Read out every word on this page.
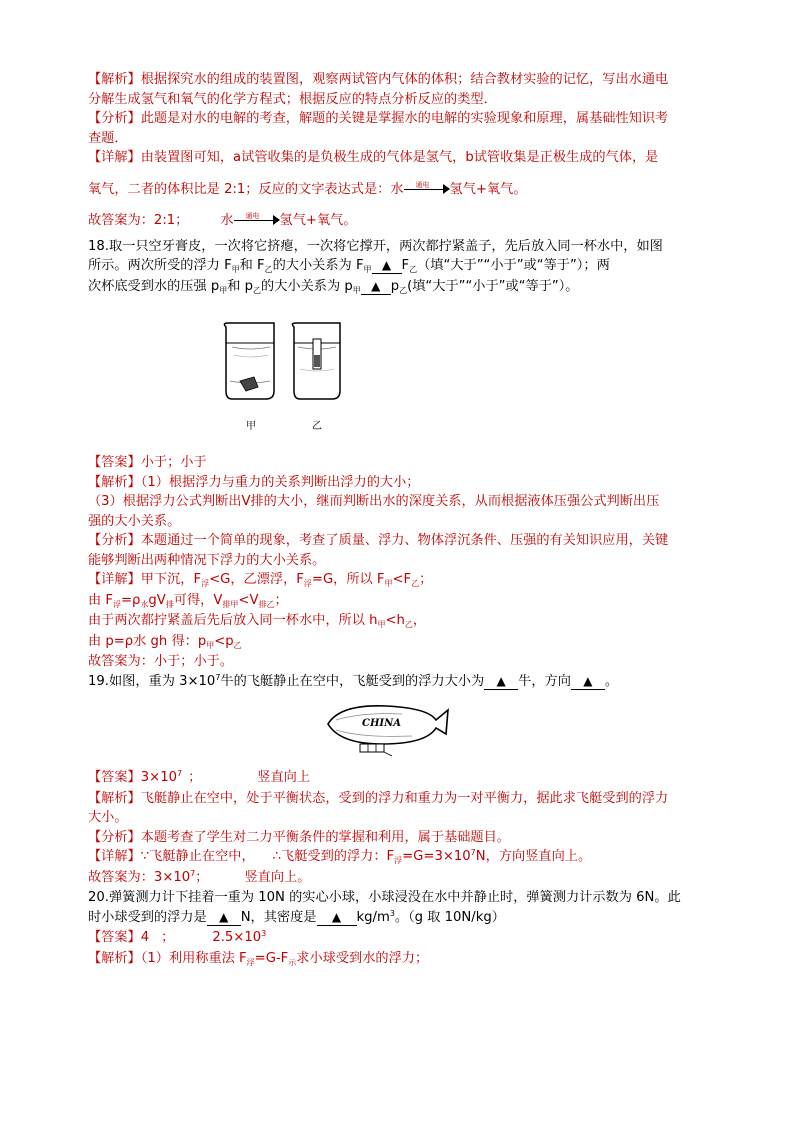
【解析】根据探究水的组成的装置图，观察两试管内气体的体积；结合教材实验的记忆，写出水通电
分解生成氢气和氧气的化学方程式；根据反应的特点分析反应的类型．
【分析】此题是对水的电解的考查，解题的关键是掌握水的电解的实验现象和原理，属基础性知识考
查题．
【详解】由装置图可知，a试管收集的是负极生成的气体是氢气，b试管收集是正极生成的气体，是
氧气，二者的体积比是 2:1；反应的文字表达式是：水 通电 氢气+氧气。
故答案为：2:1； 水 通电 氢气+氧气。
18.取一只空牙膏皮，一次将它挤瘪，一次将它撑开，两次都拧紧盖子，先后放入同一杯水中，如图
所示。两次所受的浮力 $F_甲$和 $F_乙$的大小关系为 $F_甲$ ▲ $F_乙$（填“大于”“小于”或“等于”）；两
次杯底受到水的压强 $p_甲$和 $p_乙$的大小关系为 $p_甲$ ▲ $p_乙$(填“大于”“小于”或“等于”）。
甲	乙
【答案】小于；小于
【解析】（1）根据浮力与重力的关系判断出浮力的大小；
（3）根据浮力公式判断出V排的大小，继而判断出水的深度关系，从而根据液体压强公式判断出压
强的大小关系。
【分析】本题通过一个简单的现象，考查了质量、浮力、物体浮沉条件、压强的有关知识应用，关键
能够判断出两种情况下浮力的大小关系。
【详解】甲下沉，$F_浮<G$，乙漂浮，$F_浮=G$，所以 $F_甲<F_乙$；
由 $F_浮=\rho_水gV_排$可得，$V_{排甲}<V_{排乙}$；
由于两次都拧紧盖后先后放入同一杯水中，所以 $h_甲<h_乙$，
由 p=ρ水 gh 得：$p_甲<p_乙$
故答案为：小于；小于。
19.如图，重为 $3\times 10^7$牛的飞艇静止在空中，飞艇受到的浮力大小为 ▲ 牛，方向 ▲ 。
CHINA
【答案】$3\times 10^7$ ；	竖直向上
【解析】飞艇静止在空中，处于平衡状态，受到的浮力和重力为一对平衡力，据此求飞艇受到的浮力
大小。
【分析】本题考查了学生对二力平衡条件的掌握和利用，属于基础题目。
【详解】∵飞艇静止在空中， ∴飞艇受到的浮力：$F_浮=G=3\times 10^7N$，方向竖直向上。
故答案为：$3\times 10^7$；	竖直向上。
20.弹簧测力计下挂着一重为 10N 的实心小球，小球浸没在水中并静止时，弹簧测力计示数为 6N。此
时小球受到的浮力是 ▲ N，其密度是 ▲ $kg/m^3$。（g 取 10N/kg）
【答案】4 ；	$2.5\times 10^3$
【解析】（1）利用称重法 $F_浮=G-F_示$求小球受到水的浮力；
